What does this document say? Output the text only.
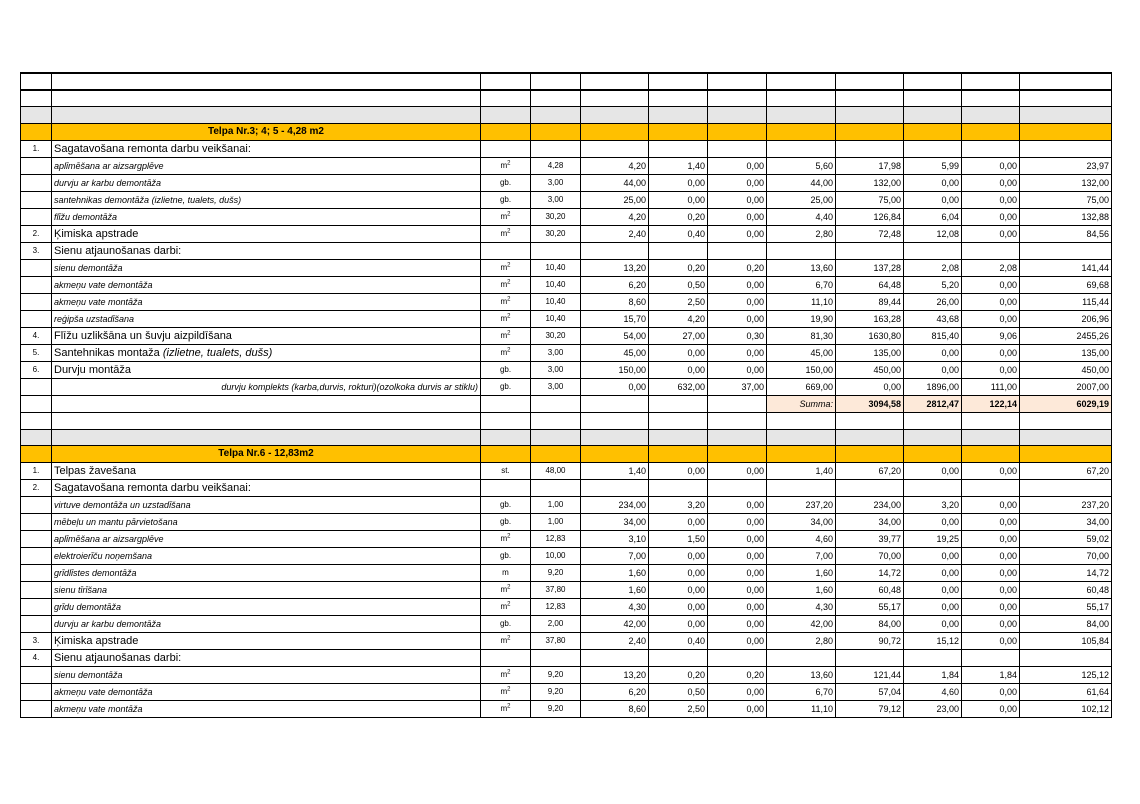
	Telpa Nr.3; 4; 5 - 4,28 m2										
1.	Sagatavošana remonta darbu veikšanai:										
	aplīmēšana ar aizsargplēve	$m^2$	4,28	4,20	1,40	0,00	5,60	17,98	5,99	0,00	23,97
	durvju ar karbu demontāža	gb.	3,00	44,00	0,00	0,00	44,00	132,00	0,00	0,00	132,00
	santehnikas demontāža (izlietne, tualets, dušs)	gb.	3,00	25,00	0,00	0,00	25,00	75,00	0,00	0,00	75,00
	flīžu demontāža	$m^2$	30,20	4,20	0,20	0,00	4,40	126,84	6,04	0,00	132,88
2.	Ķimiska apstrade	$m^2$	30,20	2,40	0,40	0,00	2,80	72,48	12,08	0,00	84,56
3.	Sienu atjaunošanas darbi:										
	sienu demontāža	$m^2$	10,40	13,20	0,20	0,20	13,60	137,28	2,08	2,08	141,44
	akmeņu vate demontāža	$m^2$	10,40	6,20	0,50	0,00	6,70	64,48	5,20	0,00	69,68
	akmeņu vate montāža	$m^2$	10,40	8,60	2,50	0,00	11,10	89,44	26,00	0,00	115,44
	reģipša uzstadīšana	$m^2$	10,40	15,70	4,20	0,00	19,90	163,28	43,68	0,00	206,96
4.	Flīžu uzlikšāna un šuvju aizpildīšana	$m^2$	30,20	54,00	27,00	0,30	81,30	1630,80	815,40	9,06	2455,26
5.	Santehnikas montaža (izlietne, tualets, dušs)	$m^2$	3,00	45,00	0,00	0,00	45,00	135,00	0,00	0,00	135,00
6.	Durvju montāža	gb.	3,00	150,00	0,00	0,00	150,00	450,00	0,00	0,00	450,00
	durvju komplekts (karba,durvis, rokturi)(ozolkoka durvis ar stiklu)	gb.	3,00	0,00	632,00	37,00	669,00	0,00	1896,00	111,00	2007,00
							Summa:	3094,58	2812,47	122,14	6029,19

	Telpa Nr.6 - 12,83m2										
1.	Telpas žavešana	st.	48,00	1,40	0,00	0,00	1,40	67,20	0,00	0,00	67,20
2.	Sagatavošana remonta darbu veikšanai:										
	virtuve demontāža un uzstadīšana	gb.	1,00	234,00	3,20	0,00	237,20	234,00	3,20	0,00	237,20
	mēbeļu un mantu pārvietošana	gb.	1,00	34,00	0,00	0,00	34,00	34,00	0,00	0,00	34,00
	aplīmēšana ar aizsargplēve	$m^2$	12,83	3,10	1,50	0,00	4,60	39,77	19,25	0,00	59,02
	elektroierīču noņemšana	gb.	10,00	7,00	0,00	0,00	7,00	70,00	0,00	0,00	70,00
	grīdlīstes demontāža	m	9,20	1,60	0,00	0,00	1,60	14,72	0,00	0,00	14,72
	sienu tīrīšana	$m^2$	37,80	1,60	0,00	0,00	1,60	60,48	0,00	0,00	60,48
	grīdu demontāža	$m^2$	12,83	4,30	0,00	0,00	4,30	55,17	0,00	0,00	55,17
	durvju ar karbu demontāža	gb.	2,00	42,00	0,00	0,00	42,00	84,00	0,00	0,00	84,00
3.	Ķimiska apstrade	$m^2$	37,80	2,40	0,40	0,00	2,80	90,72	15,12	0,00	105,84
4.	Sienu atjaunošanas darbi:										
	sienu demontāža	$m^2$	9,20	13,20	0,20	0,20	13,60	121,44	1,84	1,84	125,12
	akmeņu vate demontāža	$m^2$	9,20	6,20	0,50	0,00	6,70	57,04	4,60	0,00	61,64
	akmeņu vate montāža	$m^2$	9,20	8,60	2,50	0,00	11,10	79,12	23,00	0,00	102,12
